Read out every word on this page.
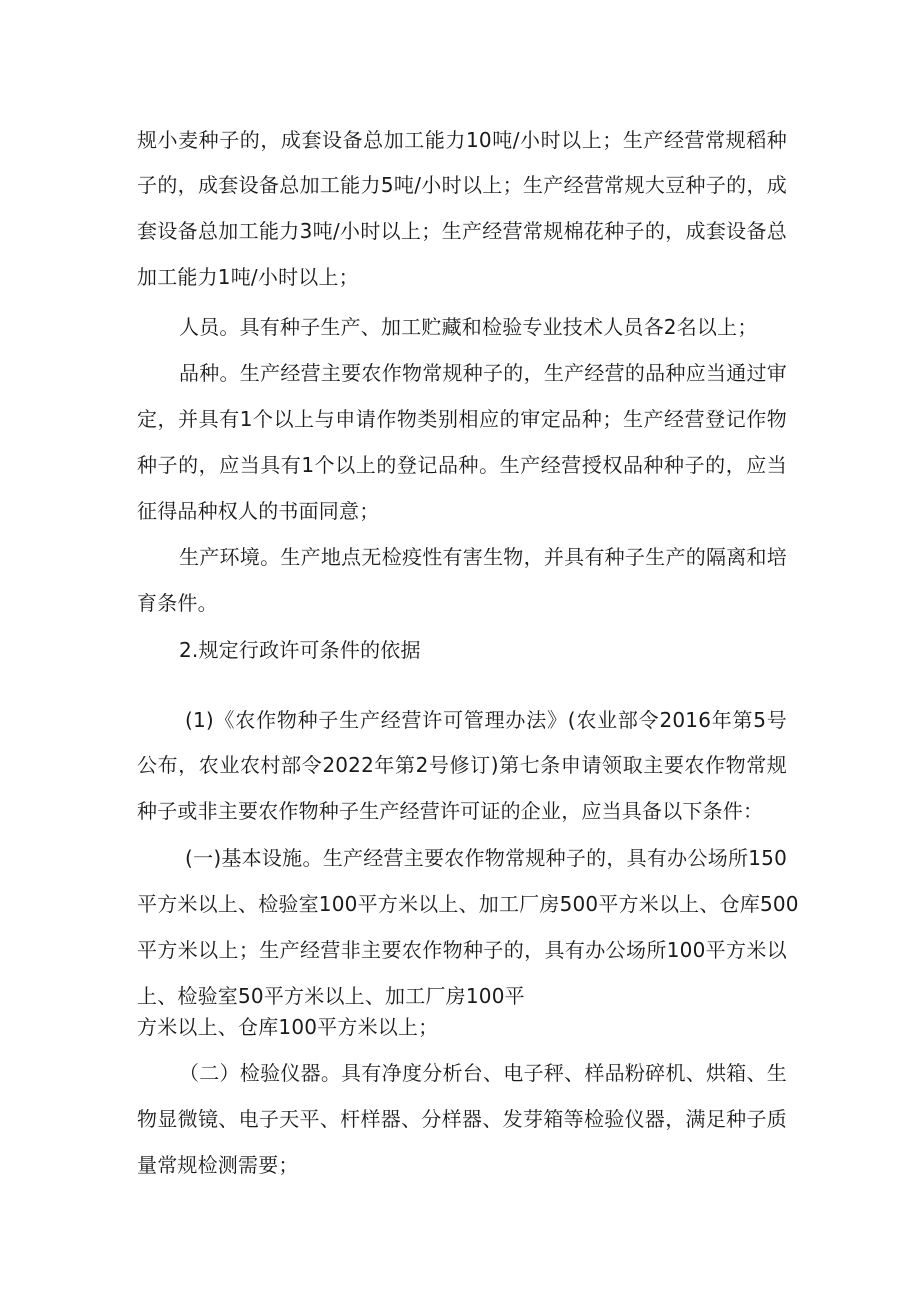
规小麦种子的，成套设备总加工能力10吨/小时以上；生产经营常规稻种
子的，成套设备总加工能力5吨/小时以上；生产经营常规大豆种子的，成
套设备总加工能力3吨/小时以上；生产经营常规棉花种子的，成套设备总
加工能力1吨/小时以上；
人员。具有种子生产、加工贮藏和检验专业技术人员各2名以上；
品种。生产经营主要农作物常规种子的，生产经营的品种应当通过审
定，并具有1个以上与申请作物类别相应的审定品种；生产经营登记作物
种子的，应当具有1个以上的登记品种。生产经营授权品种种子的，应当
征得品种权人的书面同意；
生产环境。生产地点无检疫性有害生物，并具有种子生产的隔离和培
育条件。
2.规定行政许可条件的依据
(1)《农作物种子生产经营许可管理办法》(农业部令2016年第5号
公布，农业农村部令2022年第2号修订)第七条申请领取主要农作物常规
种子或非主要农作物种子生产经营许可证的企业，应当具备以下条件：
(一)基本设施。生产经营主要农作物常规种子的，具有办公场所150
平方米以上、检验室100平方米以上、加工厂房500平方米以上、仓库500
平方米以上；生产经营非主要农作物种子的，具有办公场所100平方米以
上、检验室50平方米以上、加工厂房100平
方米以上、仓库100平方米以上；
（二）检验仪器。具有净度分析台、电子秤、样品粉碎机、烘箱、生
物显微镜、电子天平、杆样器、分样器、发芽箱等检验仪器，满足种子质
量常规检测需要；
